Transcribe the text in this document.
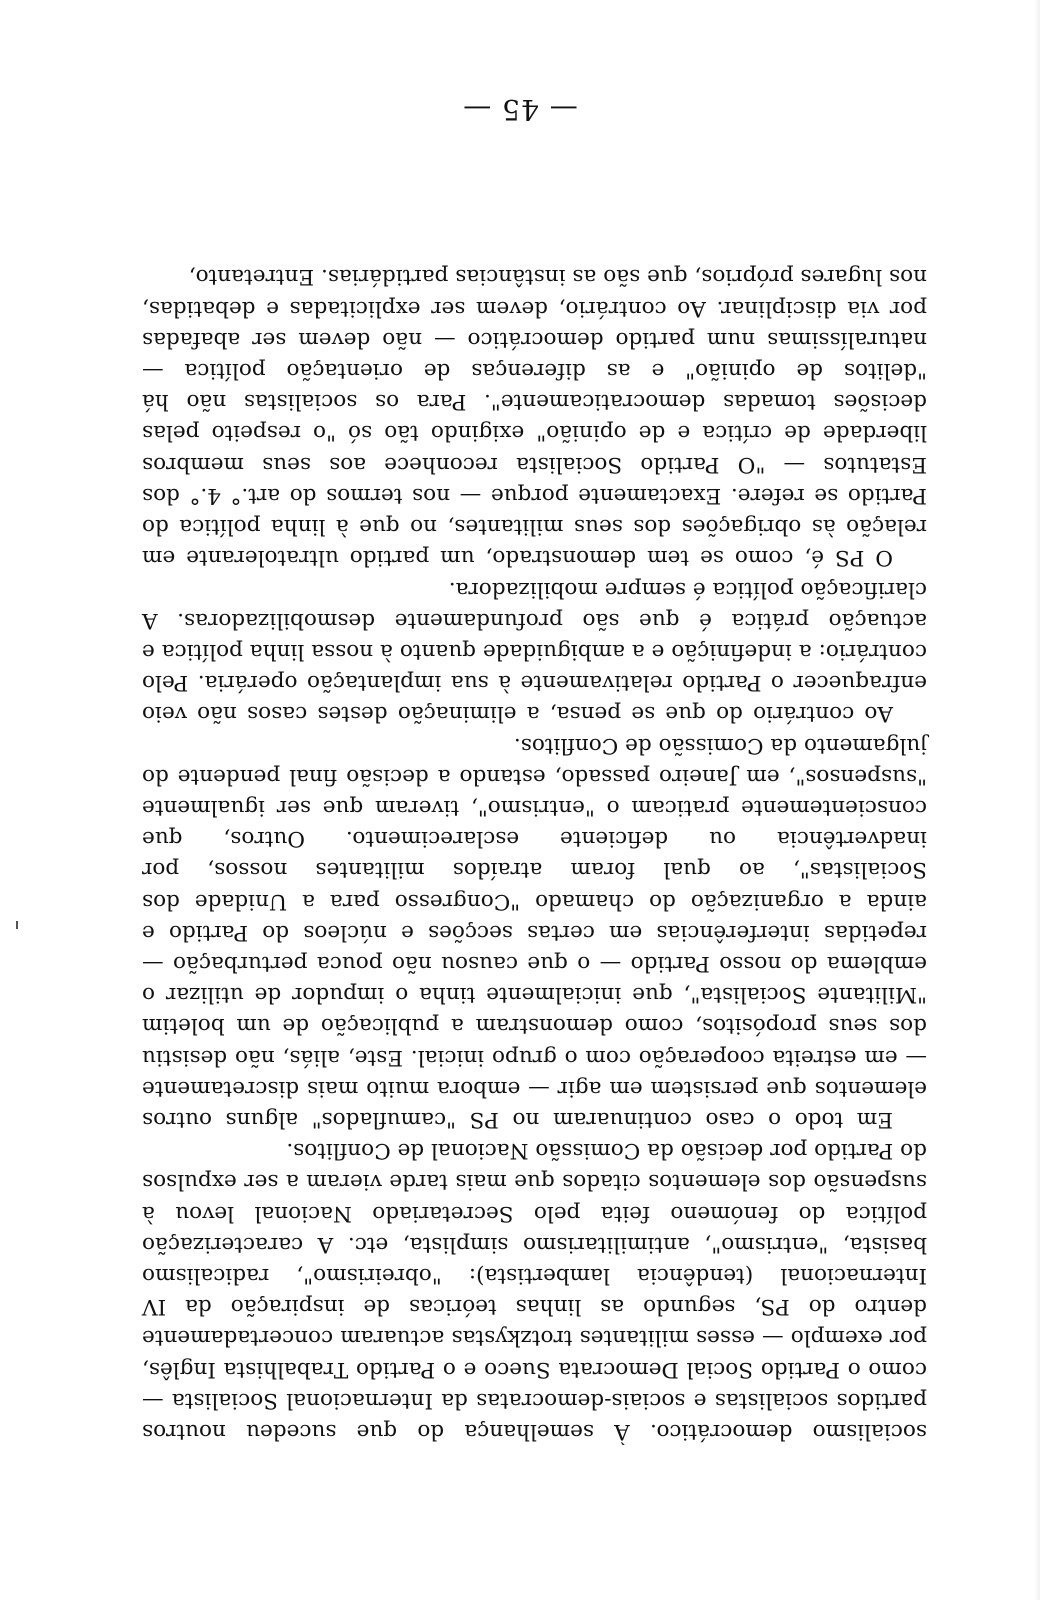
socialismo democrático. À semelhança do que sucedeu noutros partidos socialistas e sociais-democratas da Internacional Socialista — como o Partido Social Democrata Sueco e o Partido Trabalhista Inglês, por exemplo — esses militantes trotzkystas actuaram concertadamente dentro do PS, segundo as linhas teóricas de inspiração da IV Internacional (tendência lambertista): "obreirismo", radicalismo basista, "entrismo", antimilitarismo simplista, etc. A caracterização política do fenómeno feita pelo Secretariado Nacional levou à suspensão dos elementos citados que mais tarde vieram a ser expulsos do Partido por decisão da Comissão Nacional de Conflitos.

Em todo o caso continuaram no PS "camuflados" alguns outros elementos que persistem em agir — embora muito mais discretamente — em estreita cooperação com o grupo inicial. Este, aliás, não desistiu dos seus propósitos, como demonstram a publicação de um boletim "Militante Socialista", que inicialmente tinha o impudor de utilizar o emblema do nosso Partido — o que causou não pouca perturbação — repetidas interferências em certas secções e núcleos do Partido e ainda a organização do chamado "Congresso para a Unidade dos Socialistas", ao qual foram atraídos militantes nossos, por inadvertência ou deficiente esclarecimento. Outros, que conscientemente praticam o "entrismo", tiveram que ser igualmente "suspensos", em Janeiro passado, estando a decisão final pendente do julgamento da Comissão de Conflitos.

Ao contrário do que se pensa, a eliminação destes casos não veio enfraquecer o Partido relativamente à sua implantação operária. Pelo contrário: a indefinição e a ambiguidade quanto à nossa linha política e actuação prática é que são profundamente desmobilizadoras. A clarificação política é sempre mobilizadora.

O PS é, como se tem demonstrado, um partido ultratolerante em relação às obrigações dos seus militantes, no que à linha política do Partido se refere. Exactamente porque — nos termos do art.° 4.° dos Estatutos — "O Partido Socialista reconhece aos seus membros liberdade de crítica e de opinião" exigindo tão só "o respeito pelas decisões tomadas democraticamente". Para os socialistas não há "delitos de opinião" e as diferenças de orientação política — naturalíssimas num partido democrático — não devem ser abafadas por via disciplinar. Ao contrário, devem ser explicitadas e debatidas, nos lugares próprios, que são as instâncias partidárias. Entretanto,

— 45 —
